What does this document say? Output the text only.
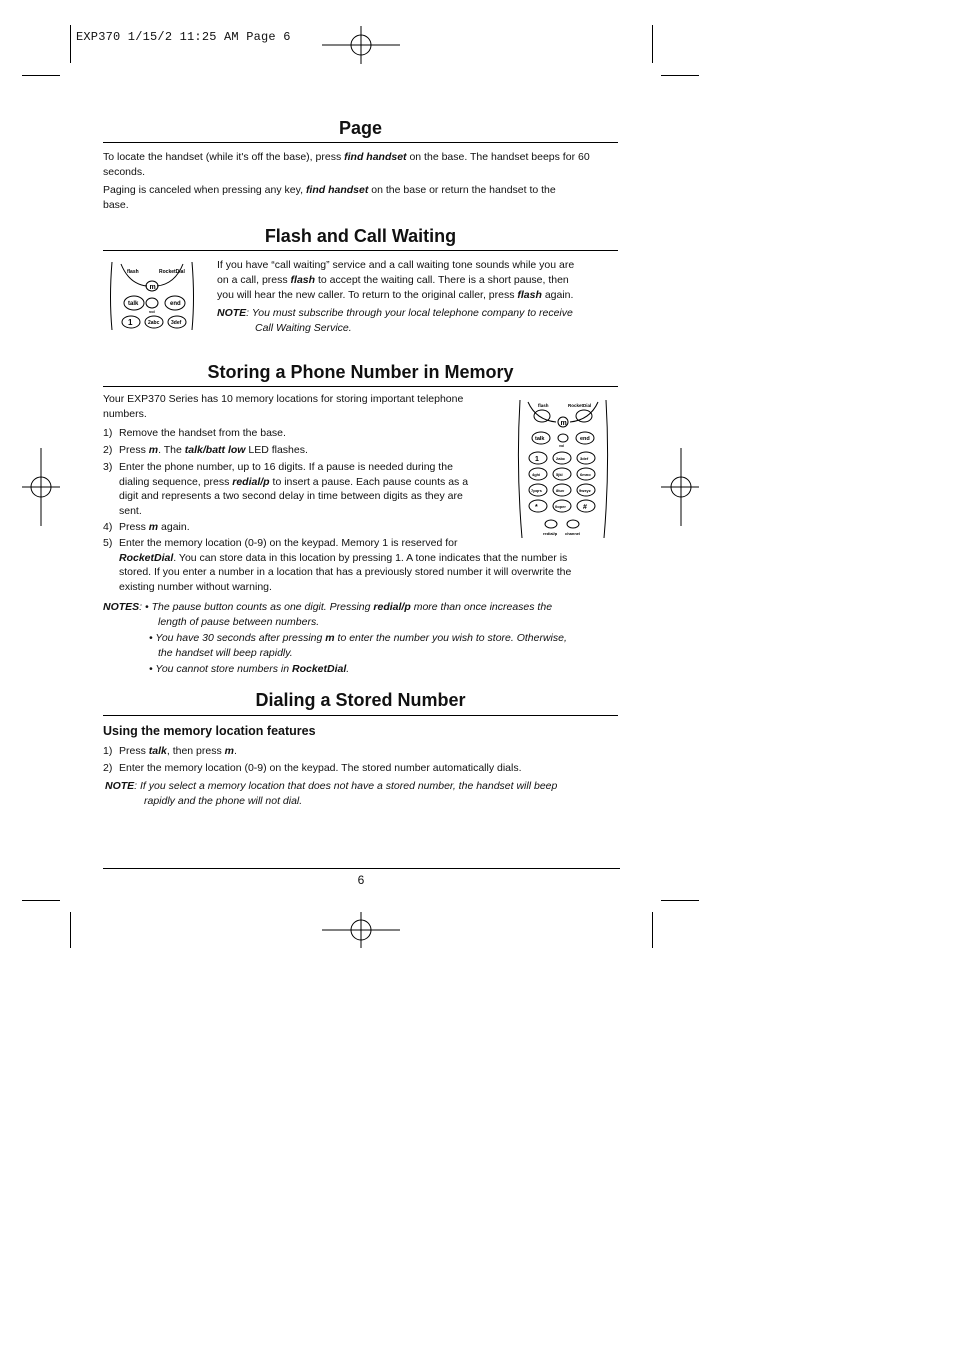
EXP370 1/15/2 11:25 AM Page 6
Page
To locate the handset (while it's off the base), press find handset on the base. The handset beeps for 60
seconds.
Paging is canceled when pressing any key, find handset on the base or return the handset to the
base.
Flash and Call Waiting
flash	RocketDial
m
talk	end
vol
1	2abc 3def
If you have “call waiting” service and a call waiting tone sounds while you are
on a call, press flash to accept the waiting call. There is a short pause, then
you will hear the new caller. To return to the original caller, press flash again.
NOTE: You must subscribe through your local telephone company to receive
Call Waiting Service.
Storing a Phone Number in Memory
Your EXP370 Series has 10 memory locations for storing important telephone
numbers.
1) Remove the handset from the base.
2) Press m. The talk/batt low LED flashes.
3) Enter the phone number, up to 16 digits. If a pause is needed during the
dialing sequence, press redial/p to insert a pause. Each pause counts as a
digit and represents a two second delay in time between digits as they are
sent.
4) Press m again.
5) Enter the memory location (0-9) on the keypad. Memory 1 is reserved for
RocketDial. You can store data in this location by pressing 1. A tone indicates that the number is
stored. If you enter a number in a location that has a previously stored number it will overwrite the
existing number without warning.
flash	RocketDial
m
talk	end
vol
1	2abc	3def
4ghi	5jkl	6mno
7pqrs	8tuv	9wxyz
*	0oper #
redial/p channel
NOTES: • The pause button counts as one digit. Pressing redial/p more than once increases the
length of pause between numbers.
• You have 30 seconds after pressing m to enter the number you wish to store. Otherwise,
the handset will beep rapidly.
• You cannot store numbers in RocketDial.
Dialing a Stored Number
Using the memory location features
1) Press talk, then press m.
2) Enter the memory location (0-9) on the keypad. The stored number automatically dials.
NOTE: If you select a memory location that does not have a stored number, the handset will beep
rapidly and the phone will not dial.
6
